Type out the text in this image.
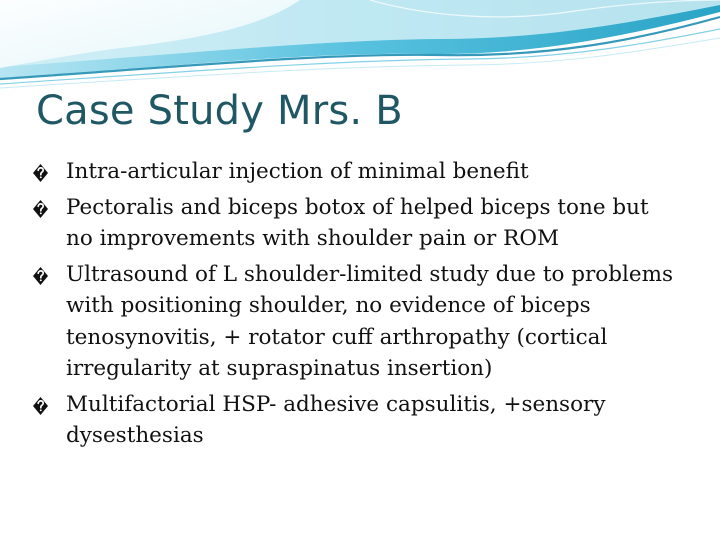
Case Study Mrs. B
Intra-articular injection of minimal benefit
Pectoralis and biceps botox of helped biceps tone but no improvements with shoulder pain or ROM
Ultrasound of L shoulder-limited study due to problems with positioning shoulder, no evidence of biceps tenosynovitis, + rotator cuff arthropathy (cortical irregularity at supraspinatus insertion)
Multifactorial HSP- adhesive capsulitis, +sensory dysesthesias
